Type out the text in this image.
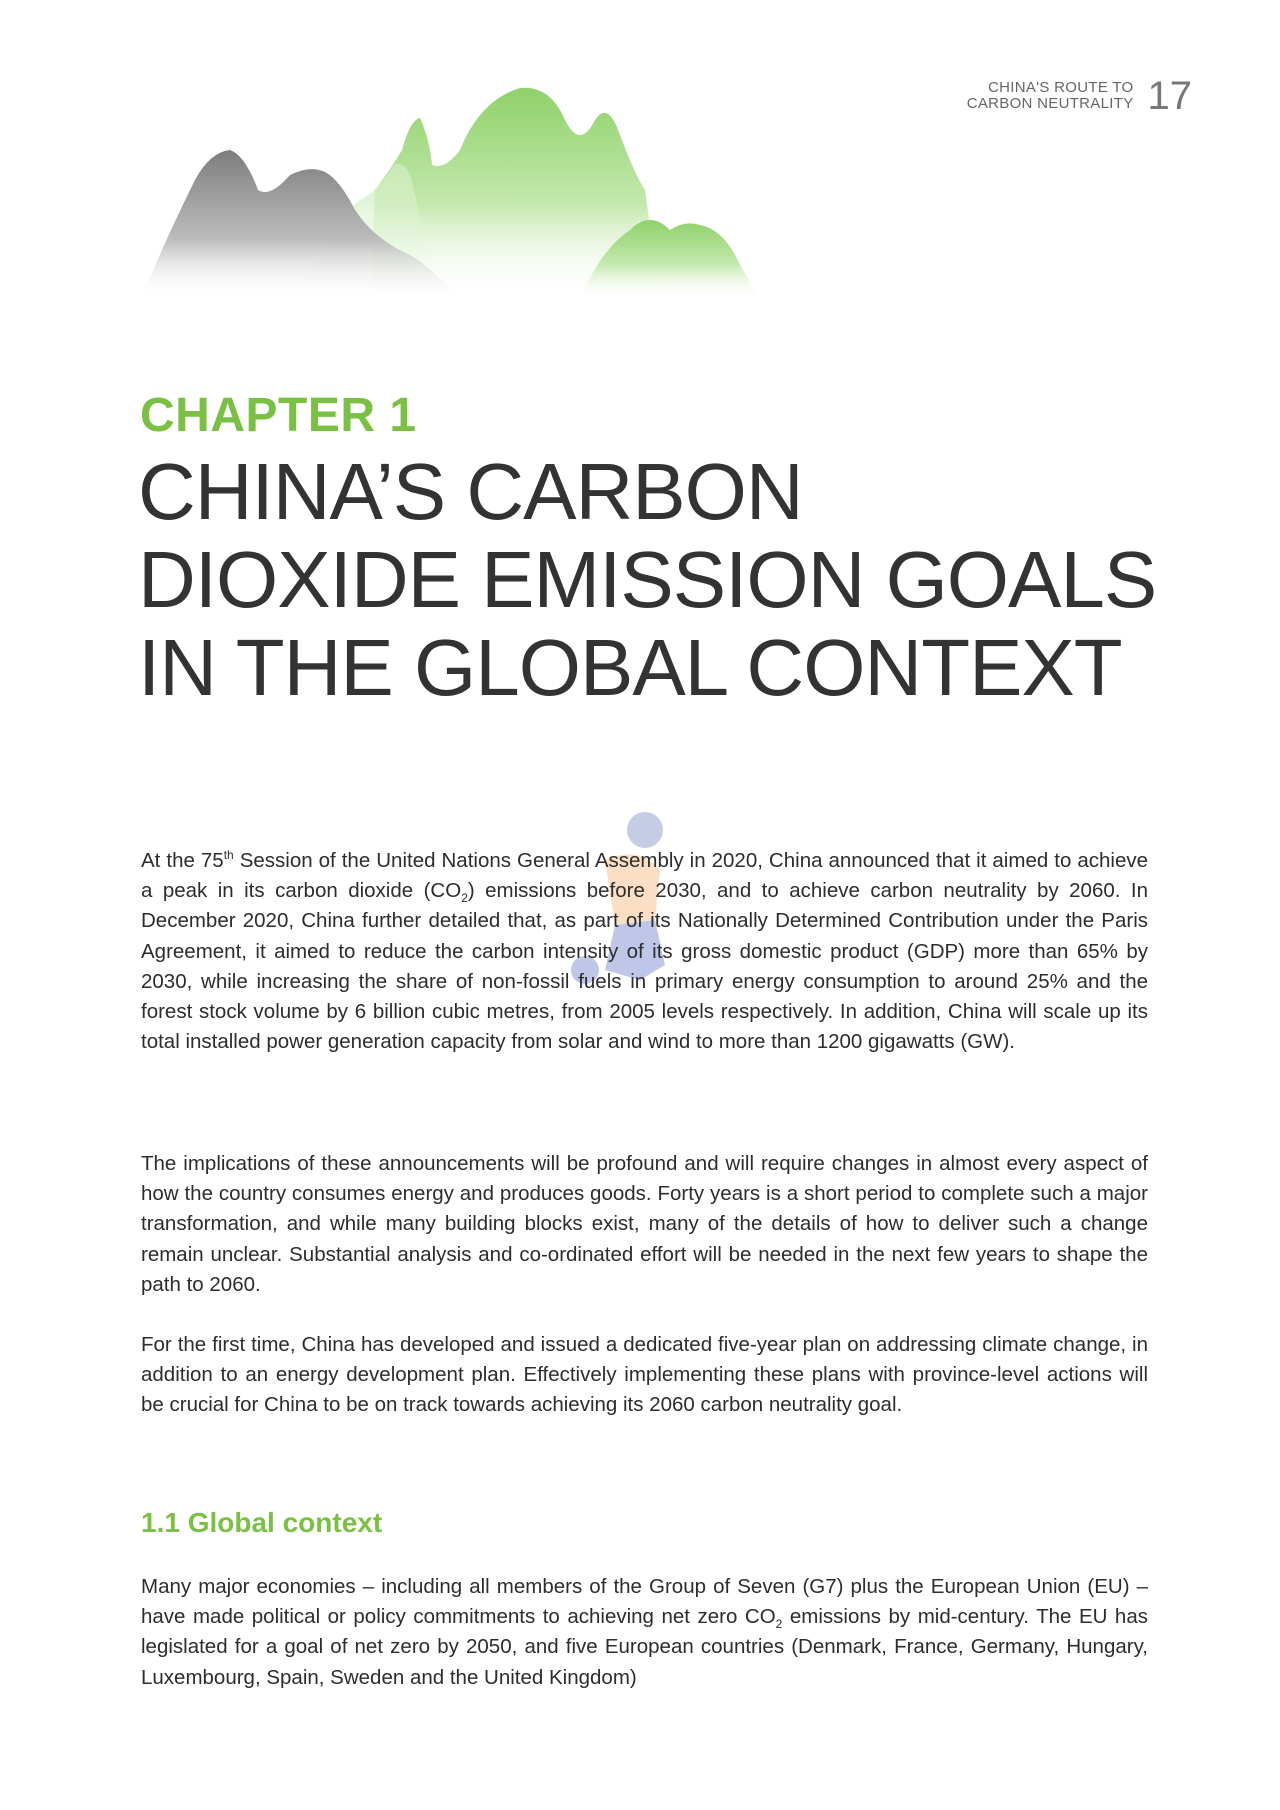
CHINA'S ROUTE TO
CARBON NEUTRALITY 17
CHAPTER 1
CHINA’S CARBON
DIOXIDE EMISSION GOALS
IN THE GLOBAL CONTEXT

At the 75th Session of the United Nations General Assembly in 2020, China announced that it aimed to achieve a peak in its carbon dioxide $(CO_2)$ emissions before 2030, and to achieve carbon neutrality by 2060. In December 2020, China further detailed that, as part of its Nationally Determined Contribution under the Paris Agreement, it aimed to reduce the carbon intensity of its gross domestic product (GDP) more than 65% by 2030, while increasing the share of non-fossil fuels in primary energy consumption to around 25% and the forest stock volume by 6 billion cubic metres, from 2005 levels respectively. In addition, China will scale up its total installed power generation capacity from solar and wind to more than 1200 gigawatts (GW).

The implications of these announcements will be profound and will require changes in almost every aspect of how the country consumes energy and produces goods. Forty years is a short period to complete such a major transformation, and while many building blocks exist, many of the details of how to deliver such a change remain unclear. Substantial analysis and co-ordinated effort will be needed in the next few years to shape the path to 2060.

For the first time, China has developed and issued a dedicated five-year plan on addressing climate change, in addition to an energy development plan. Effectively implementing these plans with province-level actions will be crucial for China to be on track towards achieving its 2060 carbon neutrality goal.

1.1 Global context

Many major economies – including all members of the Group of Seven (G7) plus the European Union (EU) – have made political or policy commitments to achieving net zero $CO_2$ emissions by mid-century. The EU has legislated for a goal of net zero by 2050, and five European countries (Denmark, France, Germany, Hungary, Luxembourg, Spain, Sweden and the United Kingdom)
